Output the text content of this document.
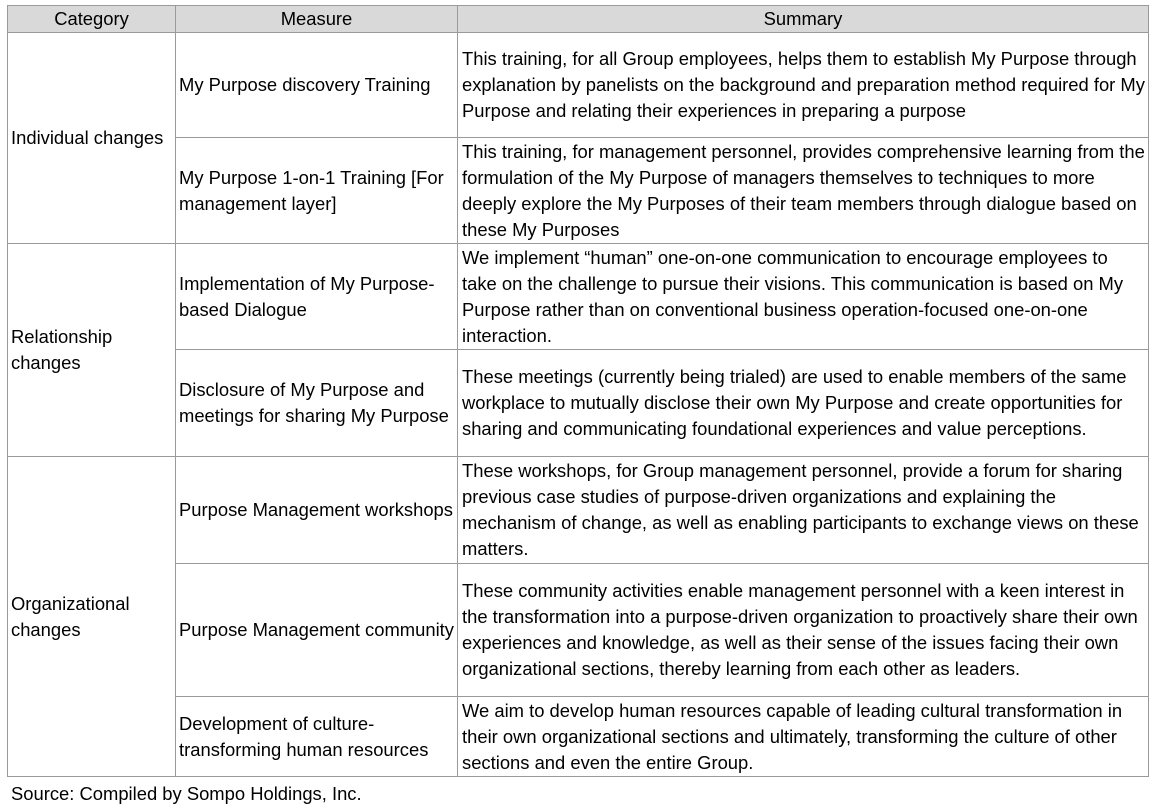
Category	Measure	Summary
Individual changes	My Purpose discovery Training	This training, for all Group employees, helps them to establish My Purpose through explanation by panelists on the background and preparation method required for My Purpose and relating their experiences in preparing a purpose
	My Purpose 1-on-1 Training [For management layer]	This training, for management personnel, provides comprehensive learning from the formulation of the My Purpose of managers themselves to techniques to more deeply explore the My Purposes of their team members through dialogue based on these My Purposes
Relationship changes	Implementation of My Purpose-based Dialogue	We implement “human” one-on-one communication to encourage employees to take on the challenge to pursue their visions. This communication is based on My Purpose rather than on conventional business operation-focused one-on-one interaction.
	Disclosure of My Purpose and meetings for sharing My Purpose	These meetings (currently being trialed) are used to enable members of the same workplace to mutually disclose their own My Purpose and create opportunities for sharing and communicating foundational experiences and value perceptions.
Organizational changes	Purpose Management workshops	These workshops, for Group management personnel, provide a forum for sharing previous case studies of purpose-driven organizations and explaining the mechanism of change, as well as enabling participants to exchange views on these matters.
	Purpose Management community	These community activities enable management personnel with a keen interest in the transformation into a purpose-driven organization to proactively share their own experiences and knowledge, as well as their sense of the issues facing their own organizational sections, thereby learning from each other as leaders.
	Development of culture-transforming human resources	We aim to develop human resources capable of leading cultural transformation in their own organizational sections and ultimately, transforming the culture of other sections and even the entire Group.
Source: Compiled by Sompo Holdings, Inc.
